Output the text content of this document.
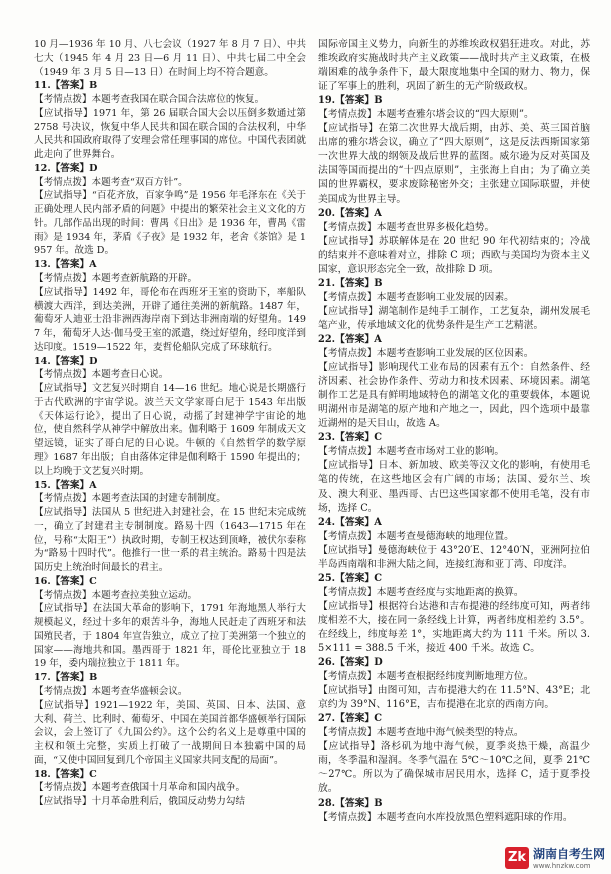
10 月—1936 年 10 月、八七会议（1927 年 8 月 7 日）、中共七大（1945 年 4 月 23 日—6 月 11 日）、中共七届二中全会（1949 年 3 月 5 日—13 日）在时间上均不符合题意。

11.【答案】B

【考情点拨】本题考查我国在联合国合法席位的恢复。

【应试指导】1971 年，第 26 届联合国大会以压倒多数通过第 2758 号决议，恢复中华人民共和国在联合国的合法权利，中华人民共和国政府取得了安理会常任理事国的席位。中国代表团就此走向了世界舞台。

12.【答案】D

【考情点拨】本题考查“双百方针”。

【应试指导】“百花齐放，百家争鸣”是 1956 年毛泽东在《关于正确处理人民内部矛盾的问题》中提出的繁荣社会主义文化的方针。几部作品出现的时间：曹禺《日出》是 1936 年，曹禺《雷雨》是 1934 年，茅盾《子夜》是 1932 年，老舍《茶馆》是 1957 年。故选 D。

13.【答案】A

【考情点拨】本题考查新航路的开辟。

【应试指导】1492 年，哥伦布在西班牙王室的资助下，率船队横渡大西洋，到达美洲，开辟了通往美洲的新航路。1487 年，葡萄牙人迪亚士沿非洲西海岸南下到达非洲南端的好望角。1497 年，葡萄牙人达·伽马受王室的派遣，绕过好望角，经印度洋到达印度。1519—1522 年，麦哲伦船队完成了环球航行。

14.【答案】D

【考情点拨】本题考查日心说。

【应试指导】文艺复兴时期自 14—16 世纪。地心说是长期盛行于古代欧洲的宇宙学说。波兰天文学家哥白尼于 1543 年出版《天体运行论》，提出了日心说，动摇了封建神学宇宙论的地位，使自然科学从神学中解放出来。伽利略于 1609 年制成天文望远镜，证实了哥白尼的日心说。牛顿的《自然哲学的数学原理》1687 年出版；自由落体定律是伽利略于 1590 年提出的；以上均晚于文艺复兴时期。

15.【答案】A

【考情点拨】本题考查法国的封建专制制度。

【应试指导】法国从 5 世纪进入封建社会，在 15 世纪末完成统一，确立了封建君主专制制度。路易十四（1643—1715 年在位，号称“太阳王”）执政时期，专制王权达到顶峰，被伏尔泰称为“路易十四时代”。他推行一世一系的君主统治。路易十四是法国历史上统治时间最长的君主。

16.【答案】C

【考情点拨】本题考查拉美独立运动。

【应试指导】在法国大革命的影响下，1791 年海地黑人举行大规模起义，经过十多年的艰苦斗争，海地人民赶走了西班牙和法国殖民者，于 1804 年宣告独立，成立了拉丁美洲第一个独立的国家——海地共和国。墨西哥于 1821 年，哥伦比亚独立于 1819 年，委内瑞拉独立于 1811 年。

17.【答案】B

【考情点拨】本题考查华盛顿会议。

【应试指导】1921—1922 年，美国、英国、日本、法国、意大利、荷兰、比利时、葡萄牙、中国在美国首都华盛顿举行国际会议，会上签订了《九国公约》。这个公约名义上是尊重中国的主权和领土完整，实质上打破了一战期间日本独霸中国的局面，“又使中国回复到几个帝国主义国家共同支配的局面”。

18.【答案】C

【考情点拨】本题考查俄国十月革命和国内战争。

【应试指导】十月革命胜利后，俄国反动势力勾结

国际帝国主义势力，向新生的苏维埃政权猖狂进攻。对此，苏维埃政府实施战时共产主义政策——战时共产主义政策，在极端困难的战争条件下，最大限度地集中全国的财力、物力，保证了军事上的胜利，巩固了新生的无产阶级政权。

19.【答案】B

【考情点拨】本题考查雅尔塔会议的“四大原则”。

【应试指导】在第二次世界大战后期，由苏、美、英三国首脑出席的雅尔塔会议，确立了“四大原则”，这是反法西斯国家第一次世界大战的纲领及战后世界的蓝图。威尔逊为反对英国及法国等国而提出的“十四点原则”，主张海上自由；为了确立美国的世界霸权，要求废除秘密外交；主张建立国际联盟，并使美国成为世界主导。

20.【答案】A

【考情点拨】本题考查世界多极化趋势。

【应试指导】苏联解体是在 20 世纪 90 年代初结束的；冷战的结束并不意味着对立，排除 C 项；西欧与美国均为资本主义国家，意识形态完全一致，故排除 D 项。

21.【答案】B

【考情点拨】本题考查影响工业发展的因素。

【应试指导】湖笔制作是纯手工制作，工艺复杂，湖州发展毛笔产业，传承地域文化的优势条件是生产工艺精湛。

22.【答案】A

【考情点拨】本题考查影响工业发展的区位因素。

【应试指导】影响现代工业布局的因素有五个：自然条件、经济因素、社会协作条件、劳动力和技术因素、环境因素。湖笔制作工艺是具有鲜明地域特色的湖笔文化的重要载体，本题说明湖州市是湖笔的原产地和产地之一，因此，四个选项中最靠近湖州的是天目山，故选 A。

23.【答案】C

【考情点拨】本题考查市场对工业的影响。

【应试指导】日本、新加坡、欧美等汉文化的影响，有使用毛笔的传统，在这些地区会有广阔的市场；法国、爱尔兰、埃及、澳大利亚、墨西哥、古巴这些国家都不使用毛笔，没有市场，选择 C。

24.【答案】A

【考情点拨】本题考查曼德海峡的地理位置。

【应试指导】曼德海峡位于 43°20′E、12°40′N，亚洲阿拉伯半岛西南端和非洲大陆之间，连接红海和亚丁湾、印度洋。

25.【答案】C

【考情点拨】本题考查经度与实地距离的换算。

【应试指导】根据符台达港和吉布提港的经纬度可知，两者纬度相差不大，接在同一条经线上计算，两者纬度相差约 3.5°。在经线上，纬度每差 1°，实地距离大约为 111 千米。所以 3.5×111 = 388.5 千米，接近 400 千米。故选 C。

26.【答案】D

【考情点拨】本题考查根据经纬度判断地理方位。

【应试指导】由图可知，吉布提港大约在 11.5°N、43°E；北京约为 39°N、116°E，吉布提港在北京的西南方向。

27.【答案】C

【考情点拨】本题考查地中海气候类型的特点。

【应试指导】洛杉矶为地中海气候，夏季炎热干燥，高温少雨，冬季温和湿润。冬季气温在 5℃～10℃之间，夏季 21℃～27℃。所以为了确保城市居民用水，选择 C，适于夏季投放。

28.【答案】B

【考情点拨】本题考查向水库投放黑色塑料遮阳球的作用。

Zk 湖南自考生网
www.hnzkw.com
